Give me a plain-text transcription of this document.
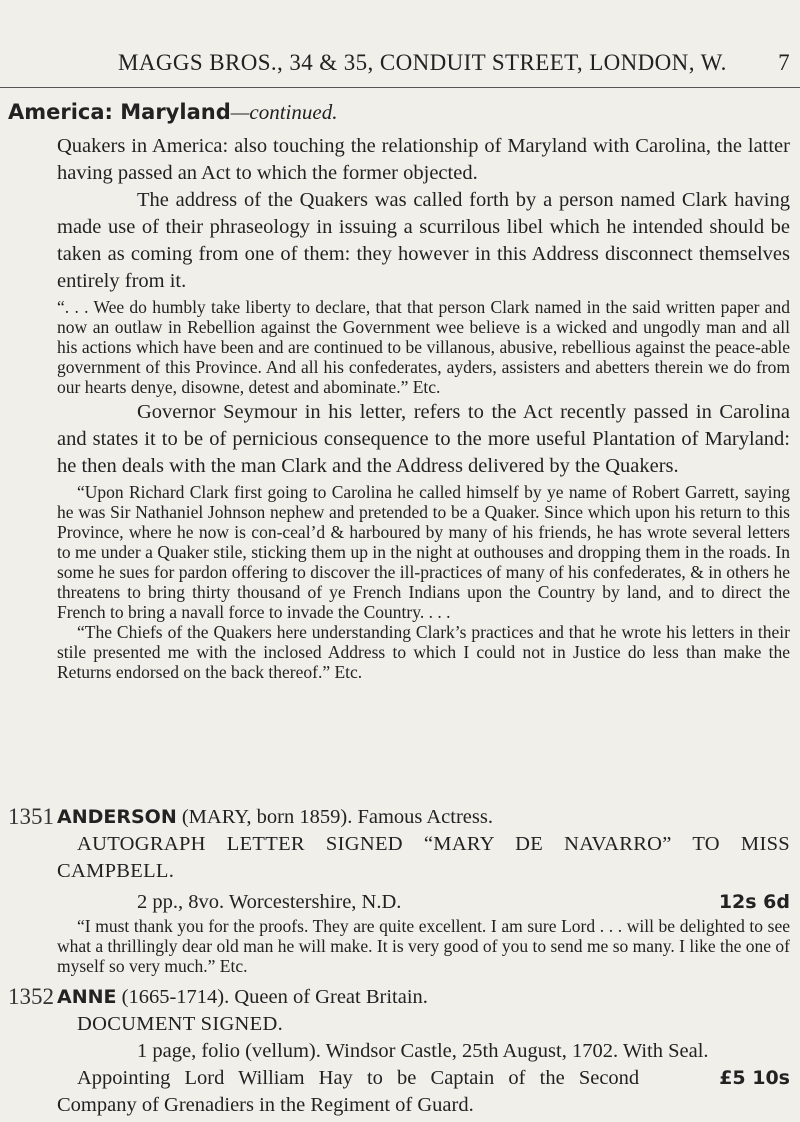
MAGGS BROS., 34 & 35, CONDUIT STREET, LONDON, W. 7
America: Maryland—continued.

Quakers in America: also touching the relationship of Maryland with Carolina, the latter having passed an Act to which the former objected.

The address of the Quakers was called forth by a person named Clark having made use of their phraseology in issuing a scurrilous libel which he intended should be taken as coming from one of them: they however in this Address disconnect themselves entirely from it.

“. . . Wee do humbly take liberty to declare, that that person Clark named in the said written paper and now an outlaw in Rebellion against the Government wee believe is a wicked and ungodly man and all his actions which have been and are continued to be villanous, abusive, rebellious against the peace-able government of this Province. And all his confederates, ayders, assisters and abetters therein we do from our hearts denye, disowne, detest and abominate.” Etc.

Governor Seymour in his letter, refers to the Act recently passed in Carolina and states it to be of pernicious consequence to the more useful Plantation of Maryland: he then deals with the man Clark and the Address delivered by the Quakers.

“Upon Richard Clark first going to Carolina he called himself by ye name of Robert Garrett, saying he was Sir Nathaniel Johnson nephew and pretended to be a Quaker. Since which upon his return to this Province, where he now is con-ceal’d & harboured by many of his friends, he has wrote several letters to me under a Quaker stile, sticking them up in the night at outhouses and dropping them in the roads. In some he sues for pardon offering to discover the ill-practices of many of his confederates, & in others he threatens to bring thirty thousand of ye French Indians upon the Country by land, and to direct the French to bring a navall force to invade the Country. . . .

“The Chiefs of the Quakers here understanding Clark’s practices and that he wrote his letters in their stile presented me with the inclosed Address to which I could not in Justice do less than make the Returns endorsed on the back thereof.” Etc.

1351 ANDERSON (MARY, born 1859). Famous Actress.

AUTOGRAPH LETTER SIGNED “MARY DE NAVARRO” TO MISS CAMPBELL.

2 pp., 8vo. Worcestershire, N.D.	12s 6d

“I must thank you for the proofs. They are quite excellent. I am sure Lord . . . will be delighted to see what a thrillingly dear old man he will make. It is very good of you to send me so many. I like the one of myself so very much.” Etc.

1352 ANNE (1665-1714). Queen of Great Britain.

DOCUMENT SIGNED.

1 page, folio (vellum). Windsor Castle, 25th August, 1702. With Seal.
£5 10s

Appointing Lord William Hay to be Captain of the Second Company of Grenadiers in the Regiment of Guard.
